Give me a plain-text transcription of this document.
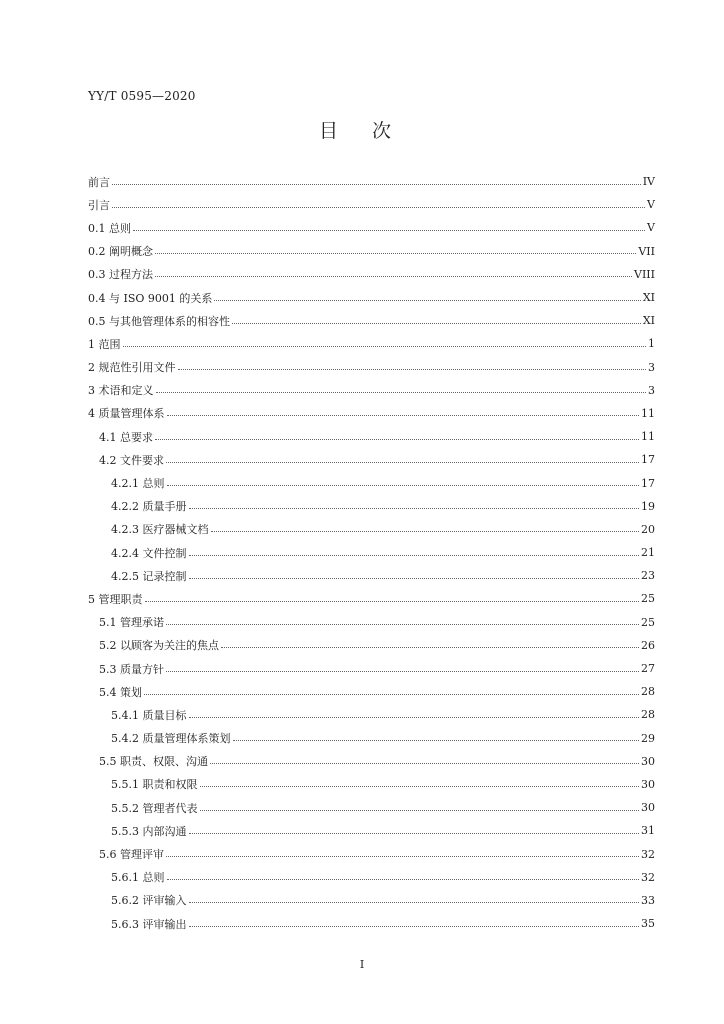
YY/T 0595—2020
目 次
前言	IV
引言	V
0.1 总则	V
0.2 阐明概念	VII
0.3 过程方法	VIII
0.4 与 ISO 9001 的关系	XI
0.5 与其他管理体系的相容性	XI
1 范围	1
2 规范性引用文件	3
3 术语和定义	3
4 质量管理体系	11
4.1 总要求	11
4.2 文件要求	17
4.2.1 总则	17
4.2.2 质量手册	19
4.2.3 医疗器械文档	20
4.2.4 文件控制	21
4.2.5 记录控制	23
5 管理职责	25
5.1 管理承诺	25
5.2 以顾客为关注的焦点	26
5.3 质量方针	27
5.4 策划	28
5.4.1 质量目标	28
5.4.2 质量管理体系策划	29
5.5 职责、权限、沟通	30
5.5.1 职责和权限	30
5.5.2 管理者代表	30
5.5.3 内部沟通	31
5.6 管理评审	32
5.6.1 总则	32
5.6.2 评审输入	33
5.6.3 评审输出	35
I
